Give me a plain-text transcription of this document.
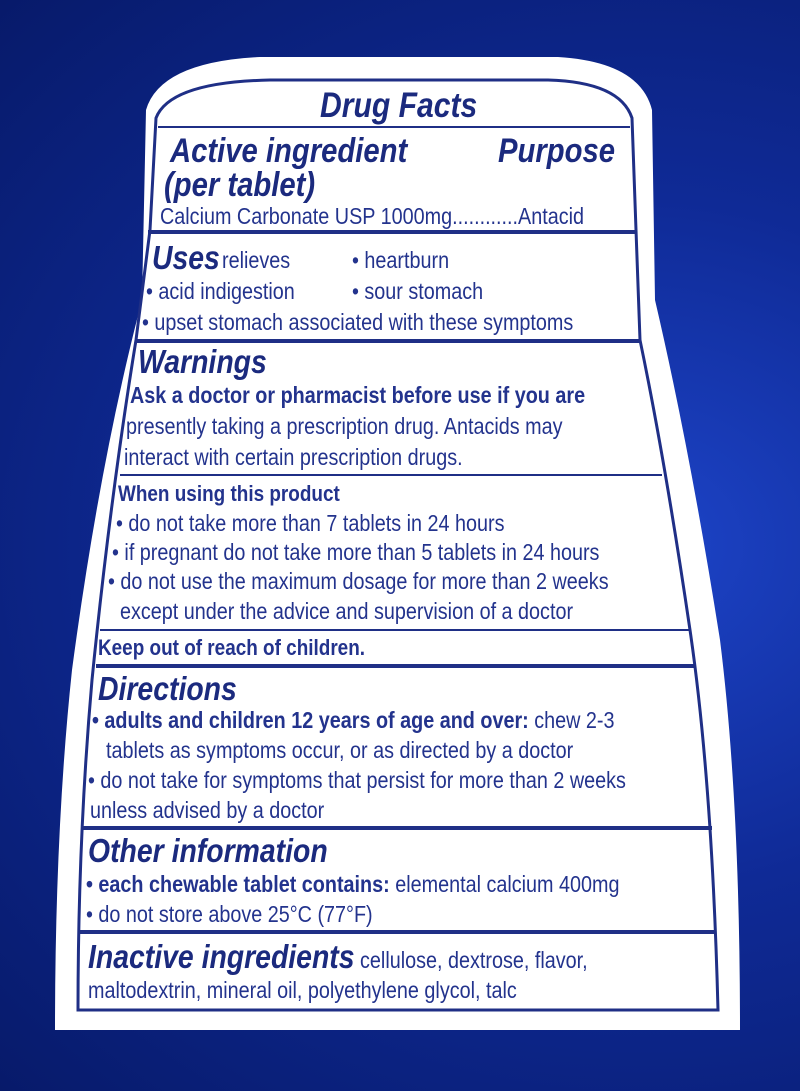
Drug Facts
Active ingredient	Purpose
(per tablet)
Calcium Carbonate USP 1000mg............Antacid
Uses relieves	• heartburn
• acid indigestion • sour stomach
• upset stomach associated with these symptoms
Warnings
Ask a doctor or pharmacist before use if you are
presently taking a prescription drug. Antacids may
interact with certain prescription drugs.
When using this product
• do not take more than 7 tablets in 24 hours
• if pregnant do not take more than 5 tablets in 24 hours
• do not use the maximum dosage for more than 2 weeks
except under the advice and supervision of a doctor
Keep out of reach of children.
Directions
• adults and children 12 years of age and over: chew 2-3
tablets as symptoms occur, or as directed by a doctor
• do not take for symptoms that persist for more than 2 weeks
unless advised by a doctor
Other information
• each chewable tablet contains: elemental calcium 400mg
• do not store above 25°C (77°F)
Inactive ingredients cellulose, dextrose, flavor,
maltodextrin, mineral oil, polyethylene glycol, talc
